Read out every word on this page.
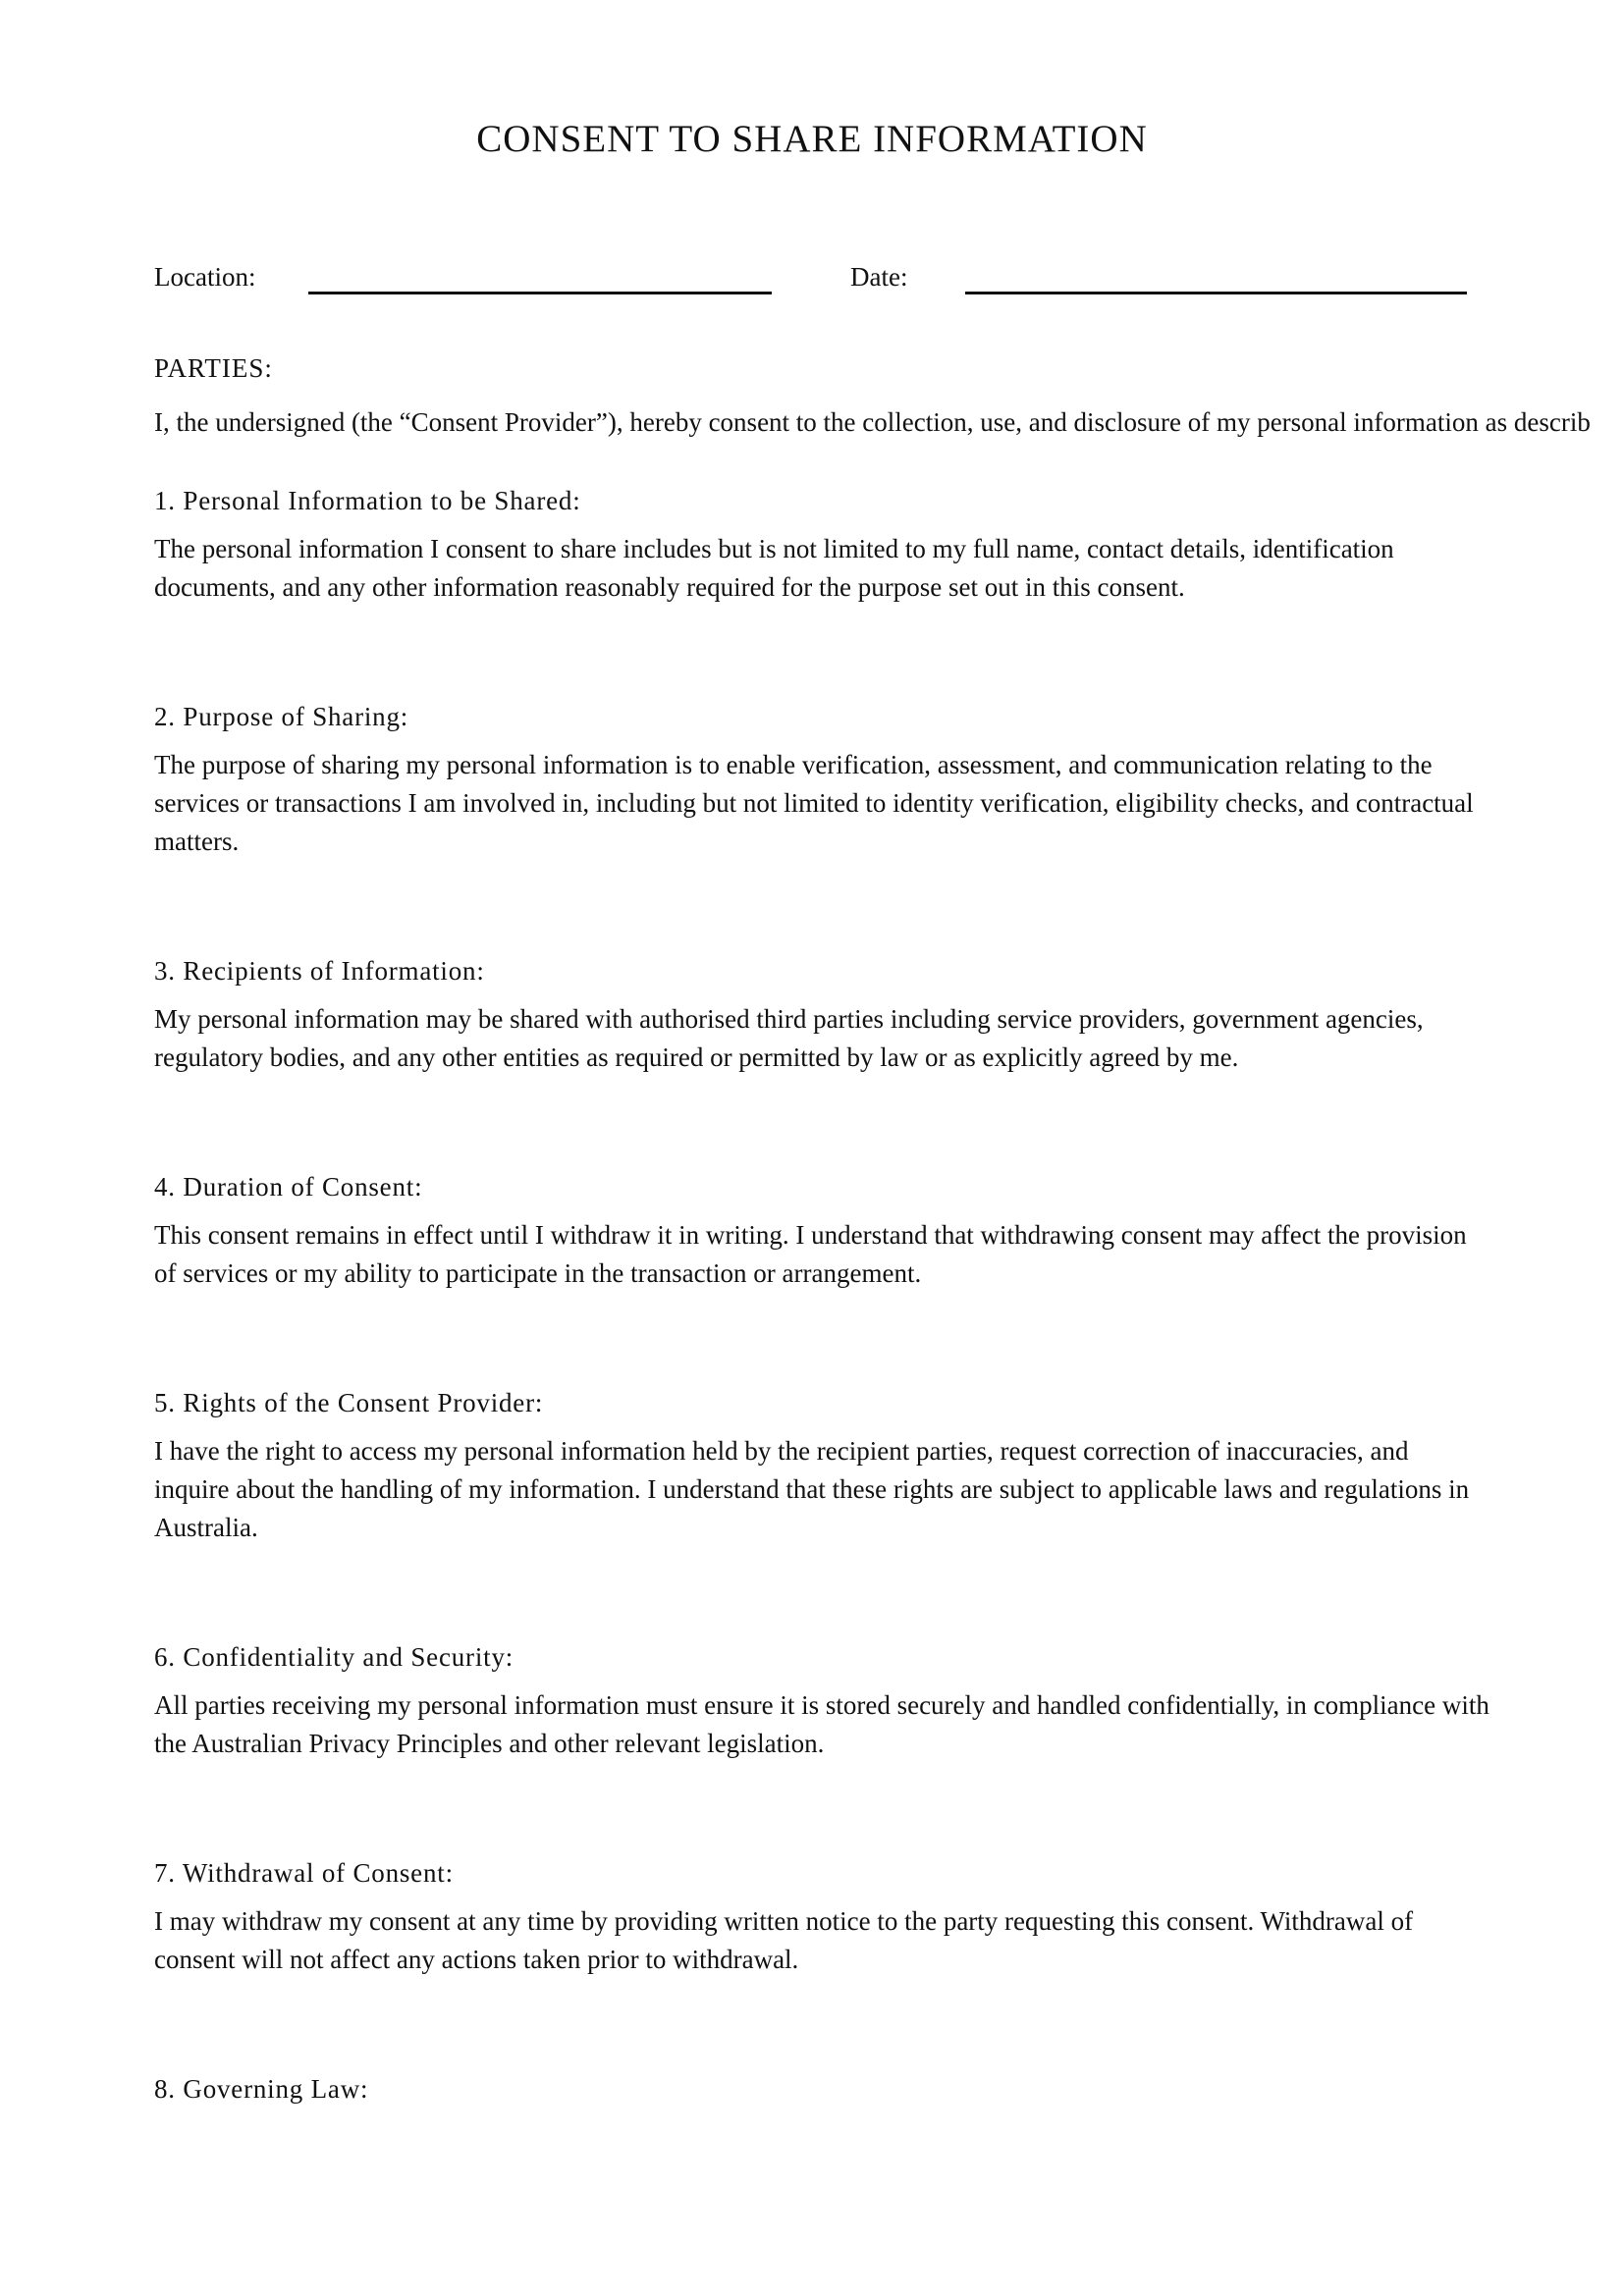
CONSENT TO SHARE INFORMATION
Location:	Date:
PARTIES:
I, the undersigned (the “Consent Provider”), hereby consent to the collection, use, and disclosure of my personal information as describ
1. Personal Information to be Shared:

The personal information I consent to share includes but is not limited to my full name, contact details, identification documents, and any other information reasonably required for the purpose set out in this consent.

2. Purpose of Sharing:

The purpose of sharing my personal information is to enable verification, assessment, and communication relating to the services or transactions I am involved in, including but not limited to identity verification, eligibility checks, and contractual matters.

3. Recipients of Information:

My personal information may be shared with authorised third parties including service providers, government agencies, regulatory bodies, and any other entities as required or permitted by law or as explicitly agreed by me.

4. Duration of Consent:

This consent remains in effect until I withdraw it in writing. I understand that withdrawing consent may affect the provision of services or my ability to participate in the transaction or arrangement.

5. Rights of the Consent Provider:

I have the right to access my personal information held by the recipient parties, request correction of inaccuracies, and inquire about the handling of my information. I understand that these rights are subject to applicable laws and regulations in Australia.

6. Confidentiality and Security:

All parties receiving my personal information must ensure it is stored securely and handled confidentially, in compliance with the Australian Privacy Principles and other relevant legislation.

7. Withdrawal of Consent:

I may withdraw my consent at any time by providing written notice to the party requesting this consent. Withdrawal of consent will not affect any actions taken prior to withdrawal.

8. Governing Law:
